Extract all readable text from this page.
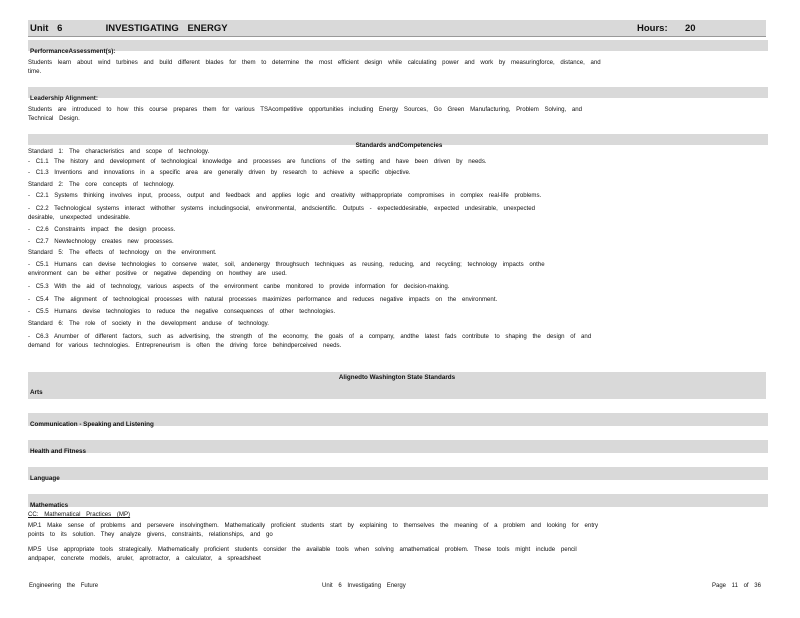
Unit 6	INVESTIGATING ENERGY	Hours: 20
PerformanceAssessment(s):
Students learn about wind turbines and build different blades for them to determine the most efficient design while calculating power and work by measuringforce, distance, and
time.
Leadership Alignment:
Students are introduced to how this course prepares them for various TSAcompetitive opportunities including Energy Sources, Go Green Manufacturing, Problem Solving, and
Technical Design.
Standards andCompetencies
Standard 1: The characteristics and scope of technology.
- C1.1 The history and development of technological knowledge and processes are functions of the setting and have been driven by needs.
- C1.3 Inventions and innovations in a specific area are generally driven by research to achieve a specific objective.
Standard 2: The core concepts of technology.
- C2.1 Systems thinking involves input, process, output and feedback and applies logic and creativity withappropriate compromises in complex real-life problems.
- C2.2 Technological systems interact withother systems includingsocial, environmental, andscientific. Outputs - expecteddesirable, expected undesirable, unexpected
desirable, unexpected undesirable.
- C2.6 Constraints impact the design process.
- C2.7 Newtechnology creates new processes.
Standard 5: The effects of technology on the environment.
- C5.1 Humans can devise technologies to conserve water, soil, andenergy throughsuch techniques as reusing, reducing, and recycling; technology impacts onthe
environment can be either positive or negative depending on howthey are used.
- C5.3 With the aid of technology, various aspects of the environment canbe monitored to provide information for decision-making.
- C5.4 The alignment of technological processes with natural processes maximizes performance and reduces negative impacts on the environment.
- C5.5 Humans devise technologies to reduce the negative consequences of other technologies.
Standard 6: The role of society in the development anduse of technology.
- C6.3 Anumber of different factors, such as advertising, the strength of the economy, the goals of a company, andthe latest fads contribute to shaping the design of and
demand for various technologies. Entrepreneurism is often the driving force behindperceived needs.
Alignedto Washington State Standards
Arts
Communication - Speaking and Listening
Health and Fitness
Language
Mathematics
CC: Mathematical Practices (MP)
MP.1 Make sense of problems and persevere insolvingthem. Mathematically proficient students start by explaining to themselves the meaning of a problem and looking for entry
points to its solution. They analyze givens, constraints, relationships, and go
MP.5 Use appropriate tools strategically. Mathematically proficient students consider the available tools when solving amathematical problem. These tools might include pencil
andpaper, concrete models, aruler, aprotractor, a calculator, a spreadsheet
Engineering the Future	Unit 6 Investigating Energy	Page 11 of 36
